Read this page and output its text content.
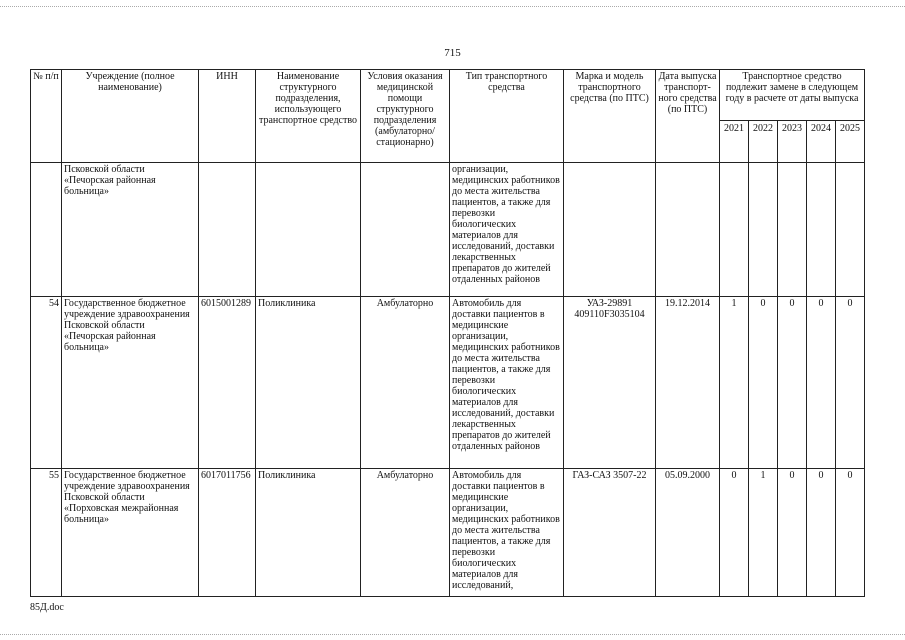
715
№ п/п	Учреждение (полное наименование)	ИНН	Наименование структурного подразделения, использующего транспортное средство	Условия оказания медицинской помощи структурного подразделения (амбулаторно/ стационарно)	Тип транспортного средства	Марка и модель транспортного средства (по ПТС)	Дата выпуска транспорт-ного средства (по ПТС)	Транспортное средство подлежит замене в следующем году в расчете от даты выпуска				
								2021	2022	2023	2024	2025
	Псковской области «Печорская районная больница»				организации, медицинских работников до места жительства пациентов, а также для перевозки биологических материалов для исследований, доставки лекарственных препаратов до жителей отдаленных районов							
54	Государственное бюджетное учреждение здравоохранения Псковской области «Печорская районная больница»	6015001289	Поликлиника	Амбулаторно	Автомобиль для доставки пациентов в медицинские организации, медицинских работников до места жительства пациентов, а также для перевозки биологических материалов для исследований, доставки лекарственных препаратов до жителей отдаленных районов	УАЗ-29891 409110F3035104	19.12.2014	1	0	0	0	0
55	Государственное бюджетное учреждение здравоохранения Псковской области «Порховская межрайонная больница»	6017011756	Поликлиника	Амбулаторно	Автомобиль для доставки пациентов в медицинские организации, медицинских работников до места жительства пациентов, а также для перевозки биологических материалов для исследований,	ГАЗ-САЗ 3507-22	05.09.2000	0	1	0	0	0
85Д.doc
